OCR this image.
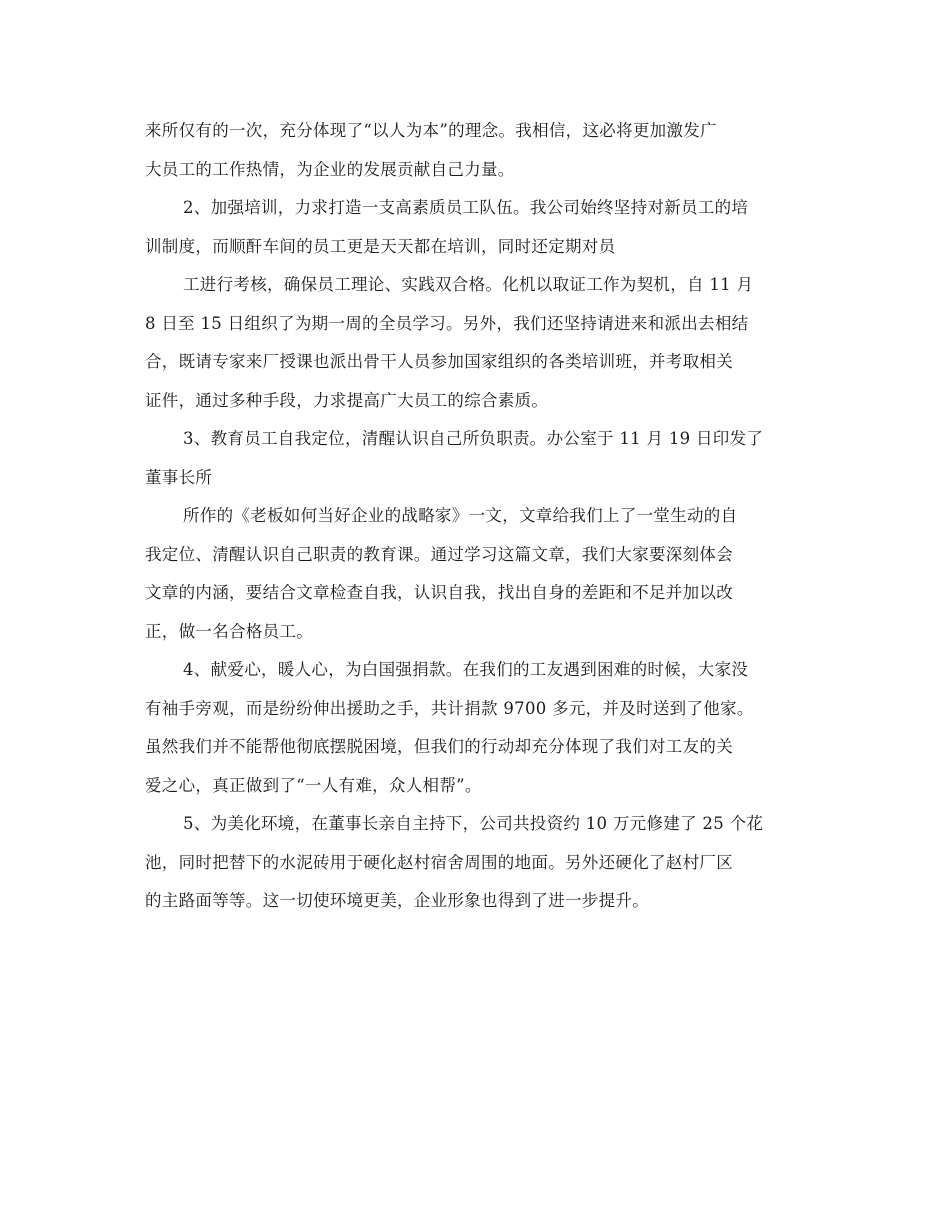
来所仅有的一次，充分体现了“以人为本”的理念。我相信，这必将更加激发广
大员工的工作热情，为企业的发展贡献自己力量。
2、加强培训，力求打造一支高素质员工队伍。我公司始终坚持对新员工的培
训制度，而顺酐车间的员工更是天天都在培训，同时还定期对员
工进行考核，确保员工理论、实践双合格。化机以取证工作为契机，自 11 月
8 日至 15 日组织了为期一周的全员学习。另外，我们还坚持请进来和派出去相结
合，既请专家来厂授课也派出骨干人员参加国家组织的各类培训班，并考取相关
证件，通过多种手段，力求提高广大员工的综合素质。
3、教育员工自我定位，清醒认识自己所负职责。办公室于 11 月 19 日印发了
董事长所
所作的《老板如何当好企业的战略家》一文，文章给我们上了一堂生动的自
我定位、清醒认识自己职责的教育课。通过学习这篇文章，我们大家要深刻体会
文章的内涵，要结合文章检查自我，认识自我，找出自身的差距和不足并加以改
正，做一名合格员工。
4、献爱心，暖人心，为白国强捐款。在我们的工友遇到困难的时候，大家没
有袖手旁观，而是纷纷伸出援助之手，共计捐款 9700 多元，并及时送到了他家。
虽然我们并不能帮他彻底摆脱困境，但我们的行动却充分体现了我们对工友的关
爱之心，真正做到了“一人有难，众人相帮”。
5、为美化环境，在董事长亲自主持下，公司共投资约 10 万元修建了 25 个花
池，同时把替下的水泥砖用于硬化赵村宿舍周围的地面。另外还硬化了赵村厂区
的主路面等等。这一切使环境更美，企业形象也得到了进一步提升。
